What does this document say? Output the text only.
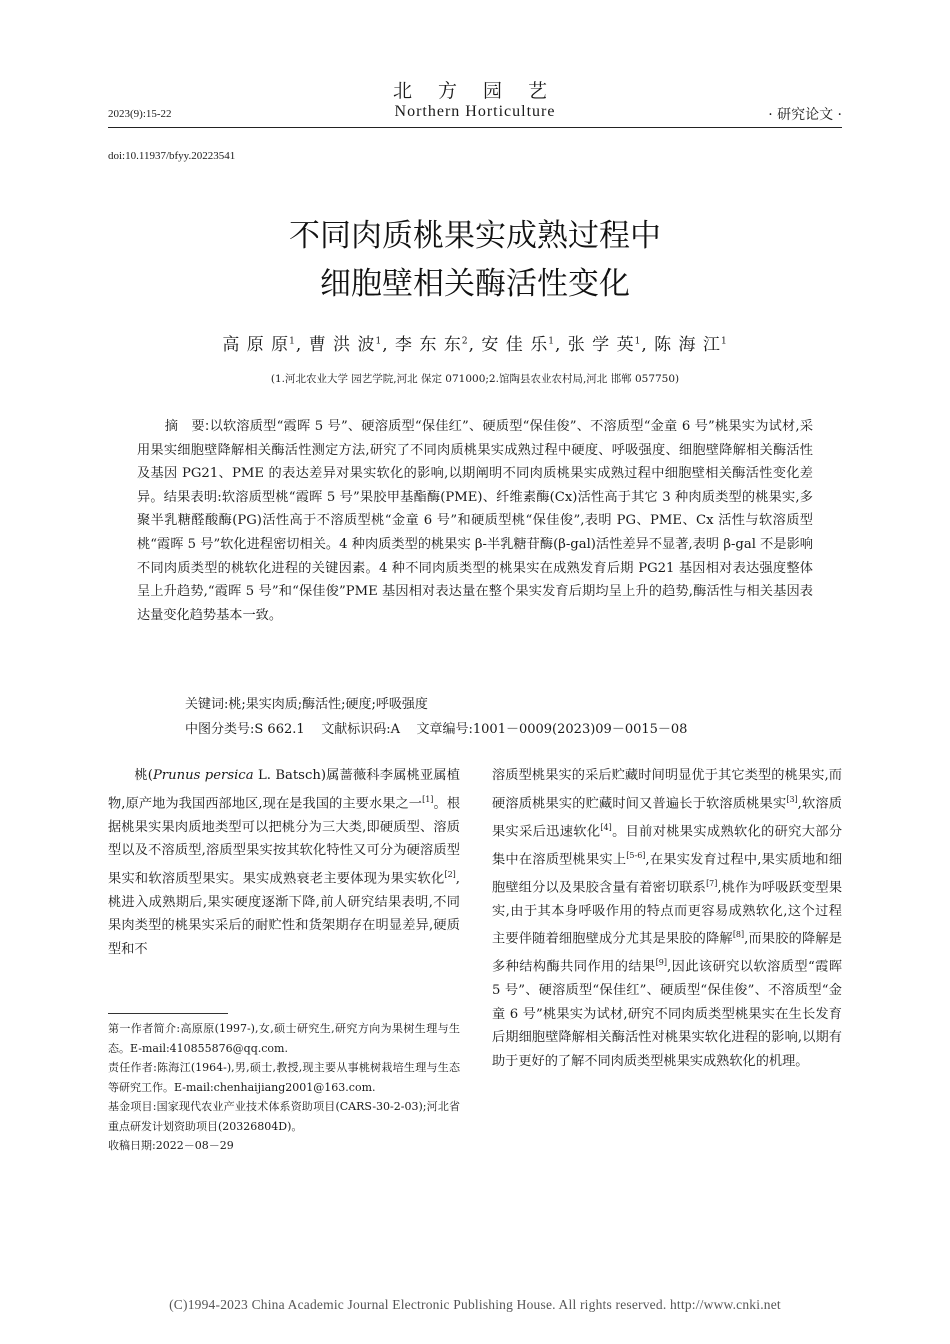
北 方 园 艺
Northern Horticulture
2023(9):15-22	· 研究论文 ·
doi:10.11937/bfyy.20223541
不同肉质桃果实成熟过程中
细胞壁相关酶活性变化
高 原 原$^1$, 曹 洪 波$^1$, 李 东 东$^2$, 安 佳 乐$^1$, 张 学 英$^1$, 陈 海 江$^1$
(1.河北农业大学 园艺学院,河北 保定 071000;2.馆陶县农业农村局,河北 邯郸 057750)

摘　要:以软溶质型“霞晖 5 号”、硬溶质型“保佳红”、硬质型“保佳俊”、不溶质型“金童 6 号”桃果实为试材,采用果实细胞壁降解相关酶活性测定方法,研究了不同肉质桃果实成熟过程中硬度、呼吸强度、细胞壁降解相关酶活性及基因 PG21、PME 的表达差异对果实软化的影响,以期阐明不同肉质桃果实成熟过程中细胞壁相关酶活性变化差异。结果表明:软溶质型桃“霞晖 5 号”果胶甲基酯酶(PME)、纤维素酶(Cx)活性高于其它 3 种肉质类型的桃果实,多聚半乳糖醛酸酶(PG)活性高于不溶质型桃“金童 6 号”和硬质型桃“保佳俊”,表明 PG、PME、Cx 活性与软溶质型桃“霞晖 5 号”软化进程密切相关。4 种肉质类型的桃果实 β-半乳糖苷酶(β-gal)活性差异不显著,表明 β-gal 不是影响不同肉质类型的桃软化进程的关键因素。4 种不同肉质类型的桃果实在成熟发育后期 PG21 基因相对表达强度整体呈上升趋势,“霞晖 5 号”和“保佳俊”PME 基因相对表达量在整个果实发育后期均呈上升的趋势,酶活性与相关基因表达量变化趋势基本一致。

关键词:桃;果实肉质;酶活性;硬度;呼吸强度
中图分类号:S 662.1 文献标识码:A 文章编号:1001－0009(2023)09－0015－08

桃(Prunus persica L. Batsch)属蔷薇科李属桃亚属植物,原产地为我国西部地区,现在是我国的主要水果之一[1]。根据桃果实果肉质地类型可以把桃分为三大类,即硬质型、溶质型以及不溶质型,溶质型果实按其软化特性又可分为硬溶质型果实和软溶质型果实。果实成熟衰老主要体现为果实软化[2],桃进入成熟期后,果实硬度逐渐下降,前人研究结果表明,不同果肉类型的桃果实采后的耐贮性和货架期存在明显差异,硬质型和不

第一作者简介:高原原(1997-),女,硕士研究生,研究方向为果树生理与生态。E-mail:410855876@qq.com.

责任作者:陈海江(1964-),男,硕士,教授,现主要从事桃树栽培生理与生态等研究工作。E-mail:chenhaijiang2001@163.com.

基金项目:国家现代农业产业技术体系资助项目(CARS-30-2-03);河北省重点研发计划资助项目(20326804D)。

收稿日期:2022－08－29

溶质型桃果实的采后贮藏时间明显优于其它类型的桃果实,而硬溶质桃果实的贮藏时间又普遍长于软溶质桃果实[3],软溶质果实采后迅速软化[4]。目前对桃果实成熟软化的研究大部分集中在溶质型桃果实上[5-6],在果实发育过程中,果实质地和细胞壁组分以及果胶含量有着密切联系[7],桃作为呼吸跃变型果实,由于其本身呼吸作用的特点而更容易成熟软化,这个过程主要伴随着细胞壁成分尤其是果胶的降解[8],而果胶的降解是多种结构酶共同作用的结果[9],因此该研究以软溶质型“霞晖 5 号”、硬溶质型“保佳红”、硬质型“保佳俊”、不溶质型“金童 6 号”桃果实为试材,研究不同肉质类型桃果实在生长发育后期细胞壁降解相关酶活性对桃果实软化进程的影响,以期有助于更好的了解不同肉质类型桃果实成熟软化的机理。

(C)1994-2023 China Academic Journal Electronic Publishing House. All rights reserved. http://www.cnki.net
